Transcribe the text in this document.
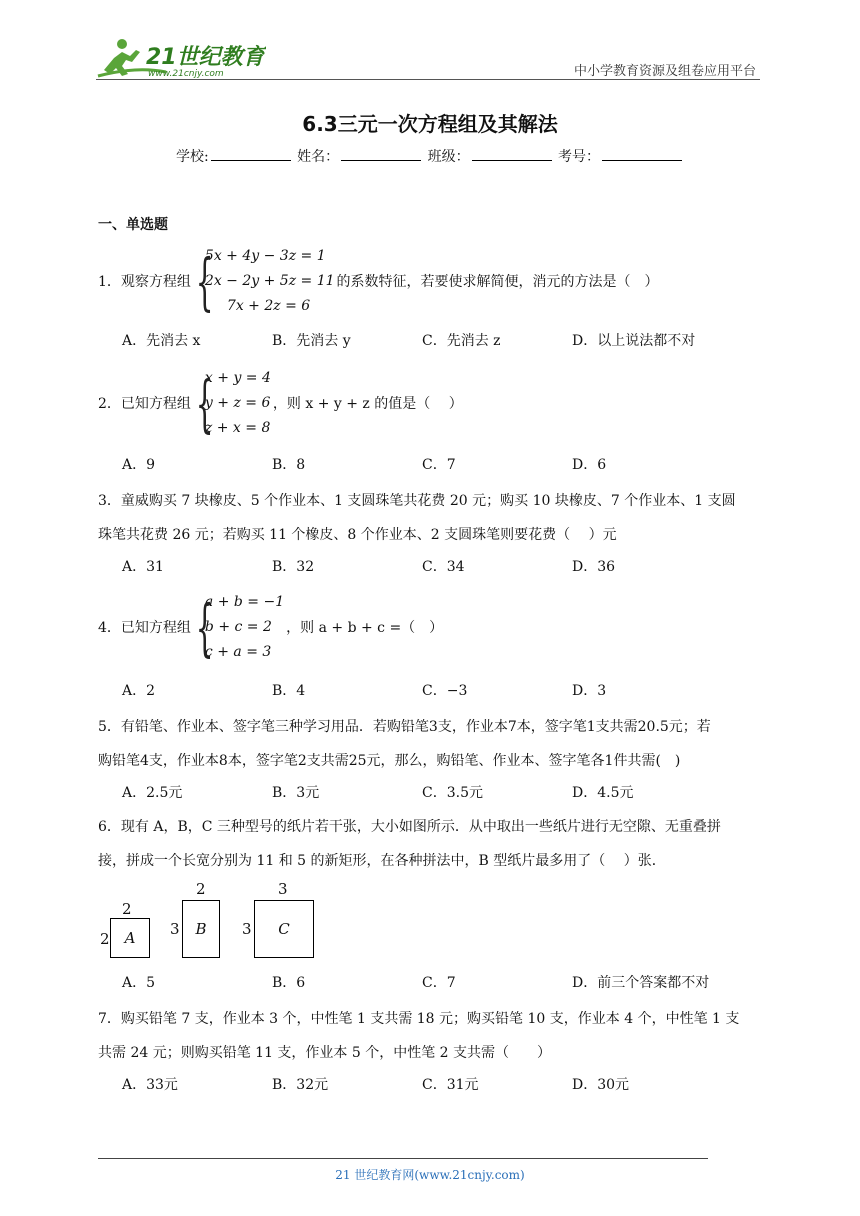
21世纪教育
www.21cnjy.com	中小学教育资源及组卷应用平台
6.3三元一次方程组及其解法
学校:	姓名：	班级：	考号：
一、单选题
1．观察方程组 {
5x + 4y − 3z = 1
2x − 2y + 5z = 11
7x + 2z = 6
的系数特征，若要使求解简便，消元的方法是（　）
A．先消去 x	B．先消去 y	C．先消去 z	D．以上说法都不对
2．已知方程组 {
x + y = 4
y + z = 6
z + x = 8
，则 x + y + z 的值是（　 ）
A．9	B．8	C．7	D．6
3．童威购买 7 块橡皮、5 个作业本、1 支圆珠笔共花费 20 元；购买 10 块橡皮、7 个作业本、1 支圆
珠笔共花费 26 元；若购买 11 个橡皮、8 个作业本、2 支圆珠笔则要花费（　 ）元
A．31	B．32	C．34	D．36
4．已知方程组 {
a + b = −1
b + c = 2
c + a = 3
，则 a + b + c =（　）
A．2	B．4	C．−3	D．3
5．有铅笔、作业本、签字笔三种学习用品．若购铅笔3支，作业本7本，签字笔1支共需20.5元；若
购铅笔4支，作业本8本，签字笔2支共需25元，那么，购铅笔、作业本、签字笔各1件共需(　)
A．2.5元	B．3元	C．3.5元	D．4.5元
6．现有 A，B，C 三种型号的纸片若干张，大小如图所示．从中取出一些纸片进行无空隙、无重叠拼
接，拼成一个长宽分别为 11 和 5 的新矩形，在各种拼法中，B 型纸片最多用了（　 ）张．
2
2 A
2
3 B
3
3 C
A．5	B．6	C．7	D．前三个答案都不对
7．购买铅笔 7 支，作业本 3 个，中性笔 1 支共需 18 元；购买铅笔 10 支，作业本 4 个，中性笔 1 支
共需 24 元；则购买铅笔 11 支，作业本 5 个，中性笔 2 支共需（　　）
A．33元	B．32元	C．31元	D．30元
21 世纪教育网(www.21cnjy.com)
